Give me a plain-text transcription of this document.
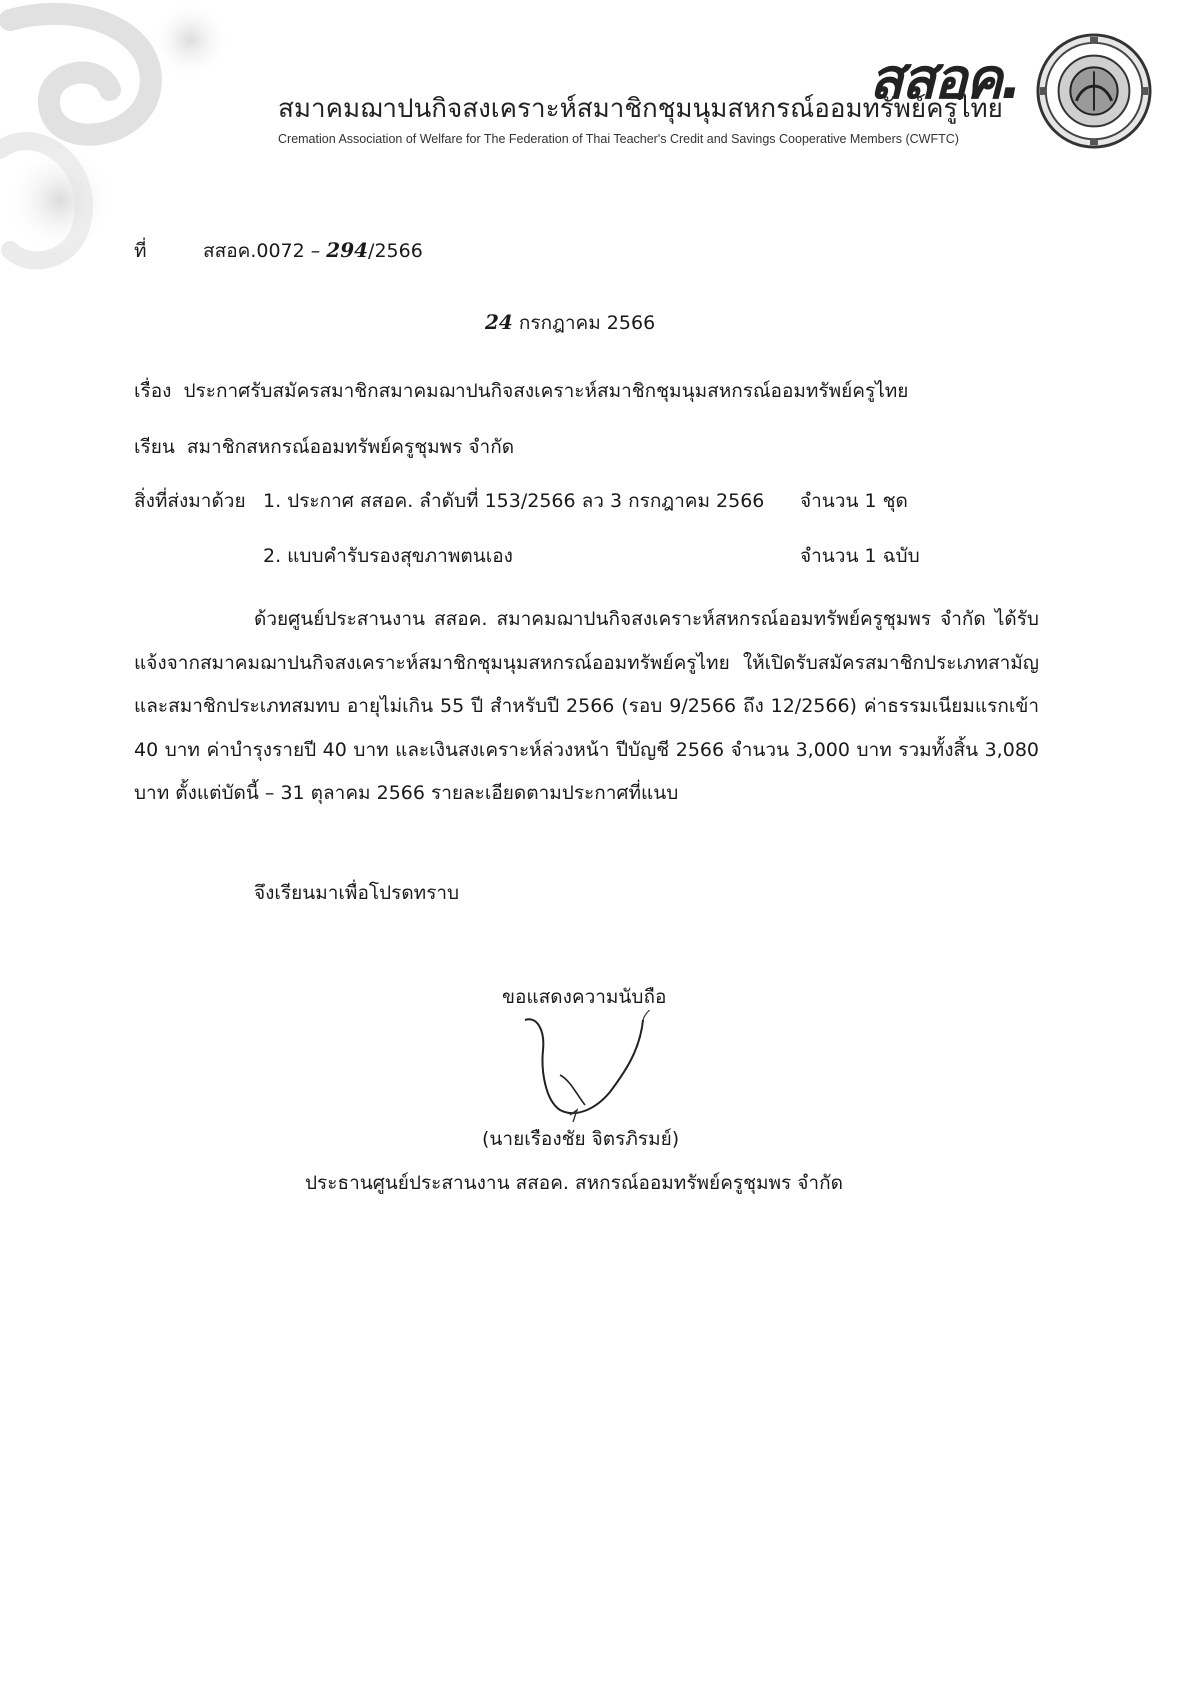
สสอค.
สมาคมฌาปนกิจสงเคราะห์สมาชิกชุมนุมสหกรณ์ออมทรัพย์ครูไทย
Cremation Association of Welfare for The Federation of Thai Teacher's Credit and Savings Cooperative Members (CWFTC)
ที่	สสอค.0072 – 294/2566
24 กรกฎาคม 2566
เรื่อง ประกาศรับสมัครสมาชิกสมาคมฌาปนกิจสงเคราะห์สมาชิกชุมนุมสหกรณ์ออมทรัพย์ครูไทย
เรียน สมาชิกสหกรณ์ออมทรัพย์ครูชุมพร จำกัด
สิ่งที่ส่งมาด้วย 1. ประกาศ สสอค. ลำดับที่ 153/2566 ลว 3 กรกฎาคม 2566 จำนวน 1 ชุด
2. แบบคำรับรองสุขภาพตนเอง	จำนวน 1 ฉบับ
ด้วยศูนย์ประสานงาน สสอค. สมาคมฌาปนกิจสงเคราะห์สหกรณ์ออมทรัพย์ครูชุมพร จำกัด ได้รับแจ้งจากสมาคมฌาปนกิจสงเคราะห์สมาชิกชุมนุมสหกรณ์ออมทรัพย์ครูไทย ให้เปิดรับสมัครสมาชิกประเภทสามัญ และสมาชิกประเภทสมทบ อายุไม่เกิน 55 ปี สำหรับปี 2566 (รอบ 9/2566 ถึง 12/2566) ค่าธรรมเนียมแรกเข้า 40 บาท ค่าบำรุงรายปี 40 บาท และเงินสงเคราะห์ล่วงหน้า ปีบัญชี 2566 จำนวน 3,000 บาท รวมทั้งสิ้น 3,080 บาท ตั้งแต่บัดนี้ – 31 ตุลาคม 2566 รายละเอียดตามประกาศที่แนบ
จึงเรียนมาเพื่อโปรดทราบ
ขอแสดงความนับถือ
(นายเรืองชัย จิตรภิรมย์)
ประธานศูนย์ประสานงาน สสอค. สหกรณ์ออมทรัพย์ครูชุมพร จำกัด
